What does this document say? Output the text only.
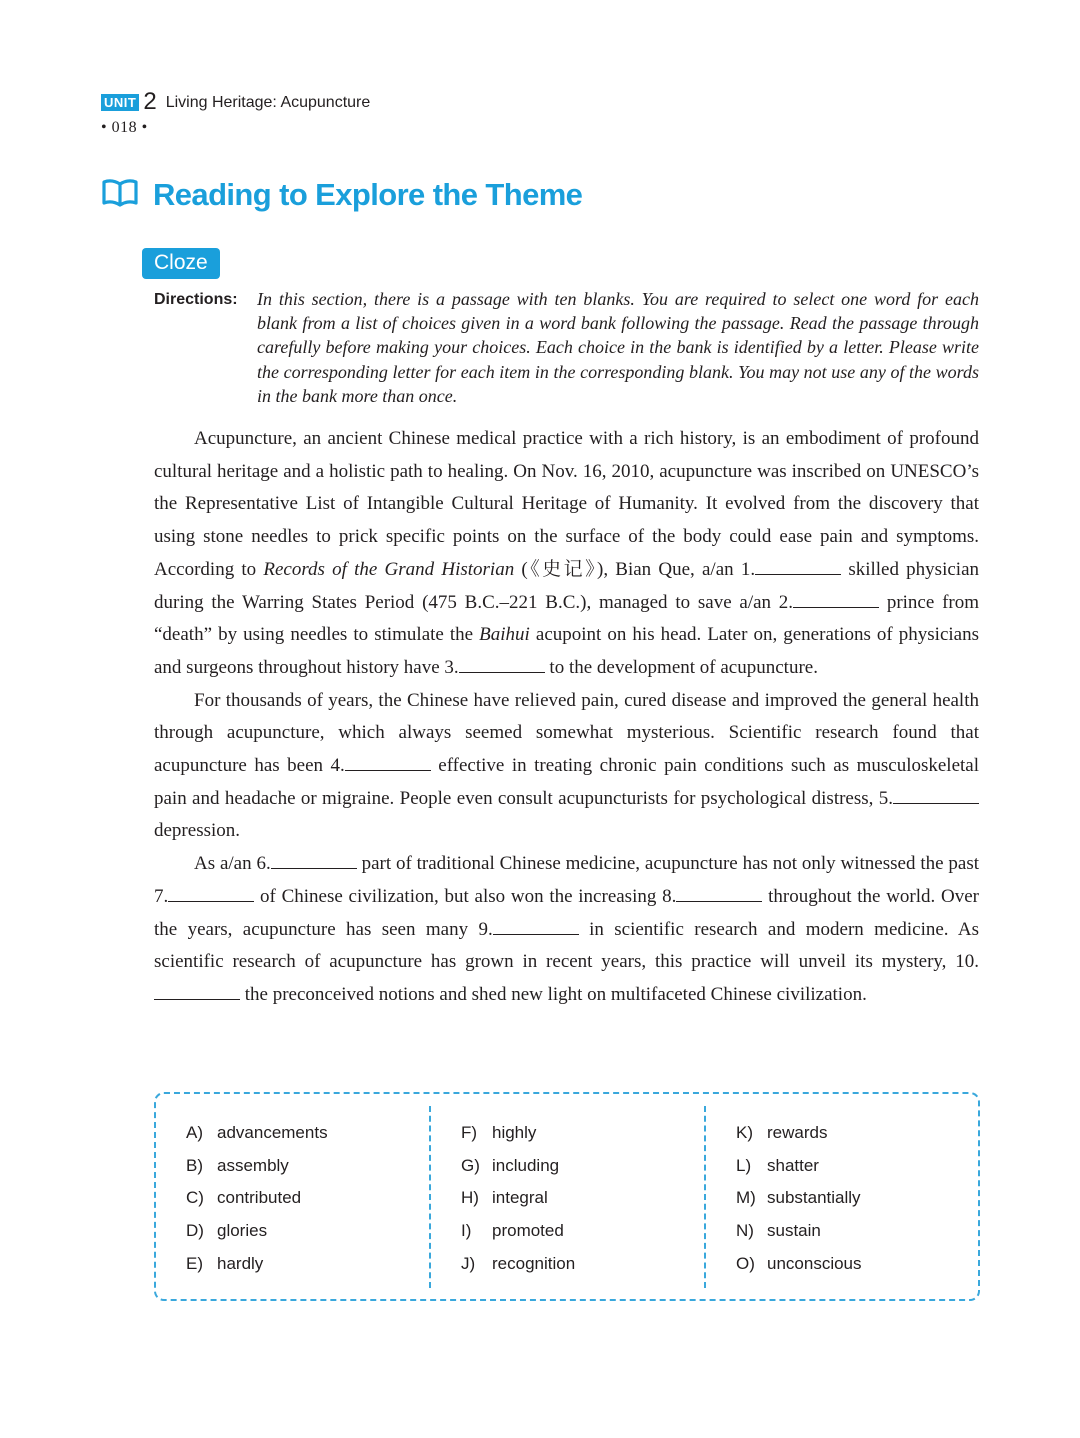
UNIT 2 Living Heritage: Acupuncture
• 018 •
Reading to Explore the Theme
Cloze
Directions: In this section, there is a passage with ten blanks. You are required to select one word for each blank from a list of choices given in a word bank following the passage. Read the passage through carefully before making your choices. Each choice in the bank is identified by a letter. Please write the corresponding letter for each item in the corresponding blank. You may not use any of the words in the bank more than once.

Acupuncture, an ancient Chinese medical practice with a rich history, is an embodiment of profound cultural heritage and a holistic path to healing. On Nov. 16, 2010, acupuncture was inscribed on UNESCO’s the Representative List of Intangible Cultural Heritage of Humanity. It evolved from the discovery that using stone needles to prick specific points on the surface of the body could ease pain and symptoms. According to Records of the Grand Historian (《史记》), Bian Que, a/an 1.	skilled physician during the Warring States Period (475 B.C.–221 B.C.), managed to save a/an 2.	prince from “death” by using needles to stimulate the Baihui acupoint on his head. Later on, generations of physicians and surgeons throughout history have 3.	to the development of acupuncture.

For thousands of years, the Chinese have relieved pain, cured disease and improved the general health through acupuncture, which always seemed somewhat mysterious. Scientific research found that acupuncture has been 4.	effective in treating chronic pain conditions such as musculoskeletal pain and headache or migraine. People even consult acupuncturists for psychological distress, 5. depression.

As a/an 6.	part of traditional Chinese medicine, acupuncture has not only witnessed the past 7.	of Chinese civilization, but also won the increasing 8.	throughout the world. Over the years, acupuncture has seen many 9.	in scientific research and modern medicine. As scientific research of acupuncture has grown in recent years, this practice will unveil its mystery, 10. the preconceived notions and shed new light on multifaceted Chinese civilization.

A) advancements
B) assembly
C) contributed
D) glories
E) hardly
F) highly
G) including
H) integral
I)	promoted
J) recognition
K) rewards
L) shatter
M) substantially
N) sustain
O) unconscious
